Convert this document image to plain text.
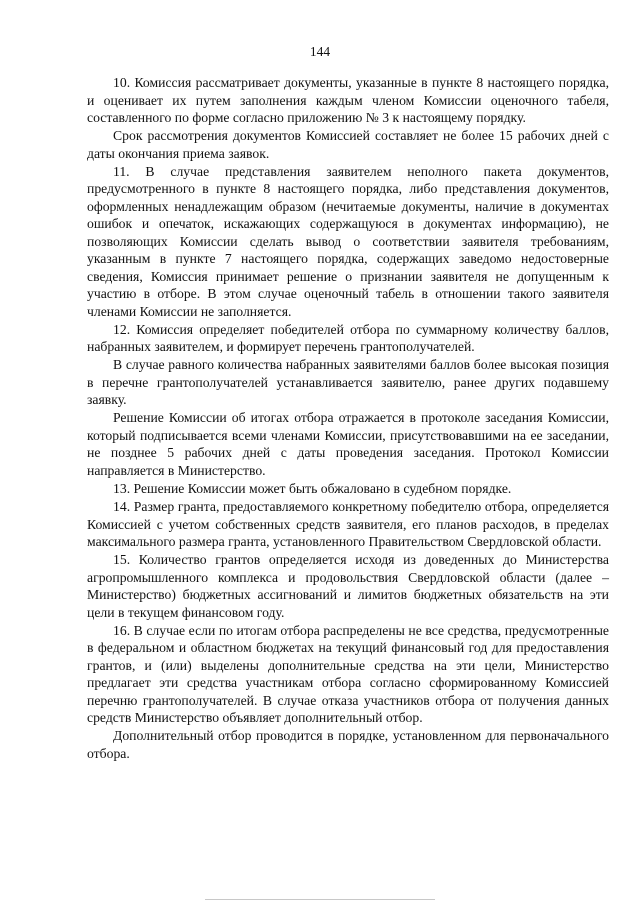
144

10. Комиссия рассматривает документы, указанные в пункте 8 настоящего порядка, и оценивает их путем заполнения каждым членом Комиссии оценочного табеля, составленного по форме согласно приложению № 3 к настоящему порядку.

Срок рассмотрения документов Комиссией составляет не более 15 рабочих дней с даты окончания приема заявок.

11. В случае представления заявителем неполного пакета документов, предусмотренного в пункте 8 настоящего порядка, либо представления документов, оформленных ненадлежащим образом (нечитаемые документы, наличие в документах ошибок и опечаток, искажающих содержащуюся в документах информацию), не позволяющих Комиссии сделать вывод о соответствии заявителя требованиям, указанным в пункте 7 настоящего порядка, содержащих заведомо недостоверные сведения, Комиссия принимает решение о признании заявителя не допущенным к участию в отборе. В этом случае оценочный табель в отношении такого заявителя членами Комиссии не заполняется.

12. Комиссия определяет победителей отбора по суммарному количеству баллов, набранных заявителем, и формирует перечень грантополучателей.

В случае равного количества набранных заявителями баллов более высокая позиция в перечне грантополучателей устанавливается заявителю, ранее других подавшему заявку.

Решение Комиссии об итогах отбора отражается в протоколе заседания Комиссии, который подписывается всеми членами Комиссии, присутствовавшими на ее заседании, не позднее 5 рабочих дней с даты проведения заседания. Протокол Комиссии направляется в Министерство.

13. Решение Комиссии может быть обжаловано в судебном порядке.

14. Размер гранта, предоставляемого конкретному победителю отбора, определяется Комиссией с учетом собственных средств заявителя, его планов расходов, в пределах максимального размера гранта, установленного Правительством Свердловской области.

15. Количество грантов определяется исходя из доведенных до Министерства агропромышленного комплекса и продовольствия Свердловской области (далее – Министерство) бюджетных ассигнований и лимитов бюджетных обязательств на эти цели в текущем финансовом году.

16. В случае если по итогам отбора распределены не все средства, предусмотренные в федеральном и областном бюджетах на текущий финансовый год для предоставления грантов, и (или) выделены дополнительные средства на эти цели, Министерство предлагает эти средства участникам отбора согласно сформированному Комиссией перечню грантополучателей. В случае отказа участников отбора от получения данных средств Министерство объявляет дополнительный отбор.

Дополнительный отбор проводится в порядке, установленном для первоначального отбора.
